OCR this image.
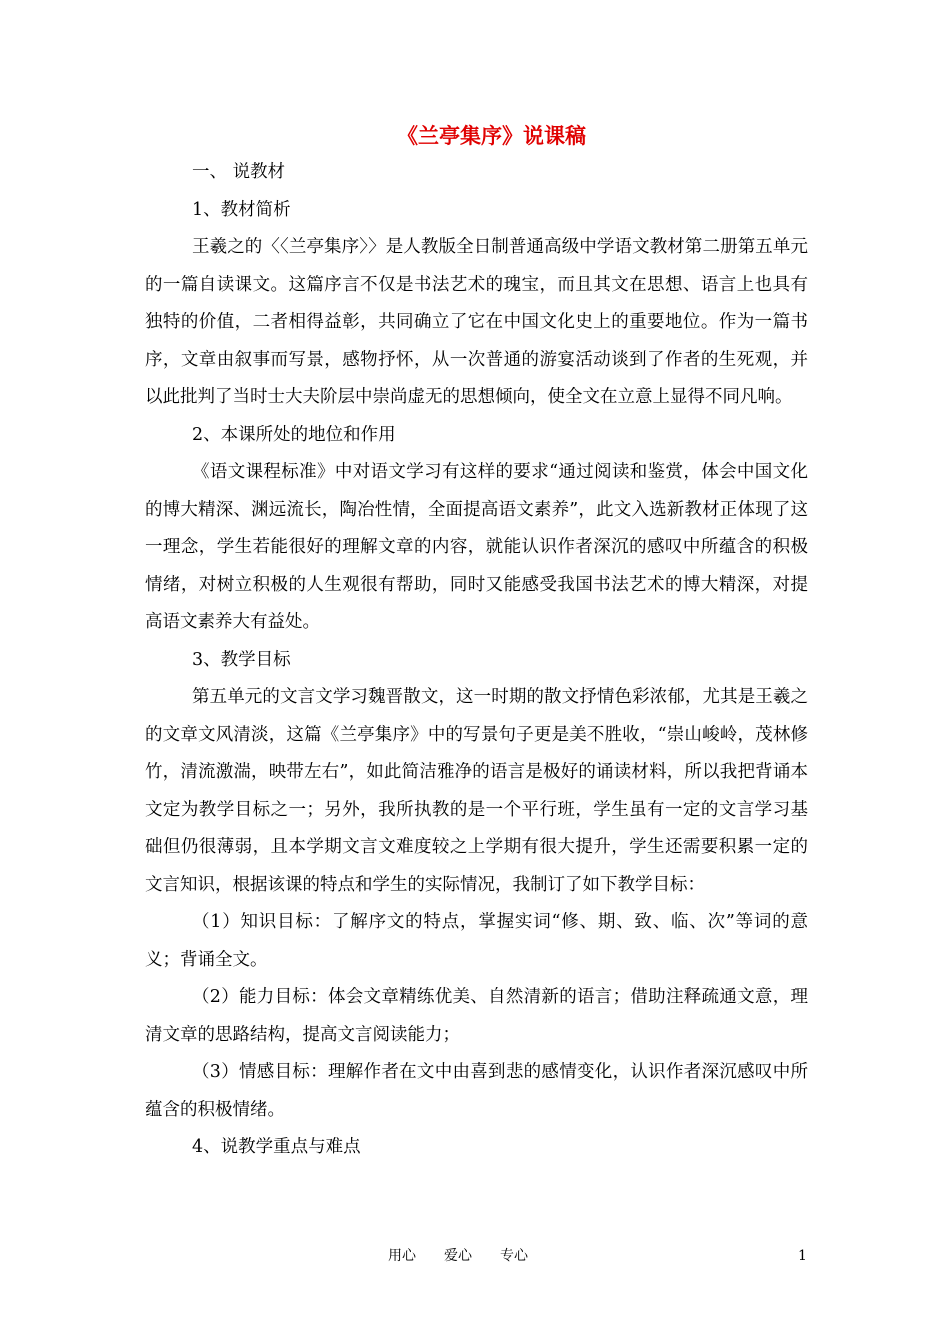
《兰亭集序》说课稿

一、 说教材

1、教材简析

王羲之的〈〈兰亭集序〉〉是人教版全日制普通高级中学语文教材第二册第五单元的一篇自读课文。这篇序言不仅是书法艺术的瑰宝，而且其文在思想、语言上也具有独特的价值，二者相得益彰，共同确立了它在中国文化史上的重要地位。作为一篇书序，文章由叙事而写景，感物抒怀，从一次普通的游宴活动谈到了作者的生死观，并以此批判了当时士大夫阶层中崇尚虚无的思想倾向，使全文在立意上显得不同凡响。

2、本课所处的地位和作用

《语文课程标准》中对语文学习有这样的要求“通过阅读和鉴赏，体会中国文化的博大精深、渊远流长，陶冶性情，全面提高语文素养”，此文入选新教材正体现了这一理念，学生若能很好的理解文章的内容，就能认识作者深沉的感叹中所蕴含的积极情绪，对树立积极的人生观很有帮助，同时又能感受我国书法艺术的博大精深，对提高语文素养大有益处。

3、教学目标

第五单元的文言文学习魏晋散文，这一时期的散文抒情色彩浓郁，尤其是王羲之的文章文风清淡，这篇《兰亭集序》中的写景句子更是美不胜收，“崇山峻岭，茂林修竹，清流激湍，映带左右”，如此简洁雅净的语言是极好的诵读材料，所以我把背诵本文定为教学目标之一；另外，我所执教的是一个平行班，学生虽有一定的文言学习基础但仍很薄弱，且本学期文言文难度较之上学期有很大提升，学生还需要积累一定的文言知识，根据该课的特点和学生的实际情况，我制订了如下教学目标：

（1）知识目标：了解序文的特点，掌握实词“修、期、致、临、次”等词的意义；背诵全文。

（2）能力目标：体会文章精练优美、自然清新的语言；借助注释疏通文意，理清文章的思路结构，提高文言阅读能力；

（3）情感目标：理解作者在文中由喜到悲的感情变化，认识作者深沉感叹中所蕴含的积极情绪。

4、说教学重点与难点

用心　　爱心　　专心	1
